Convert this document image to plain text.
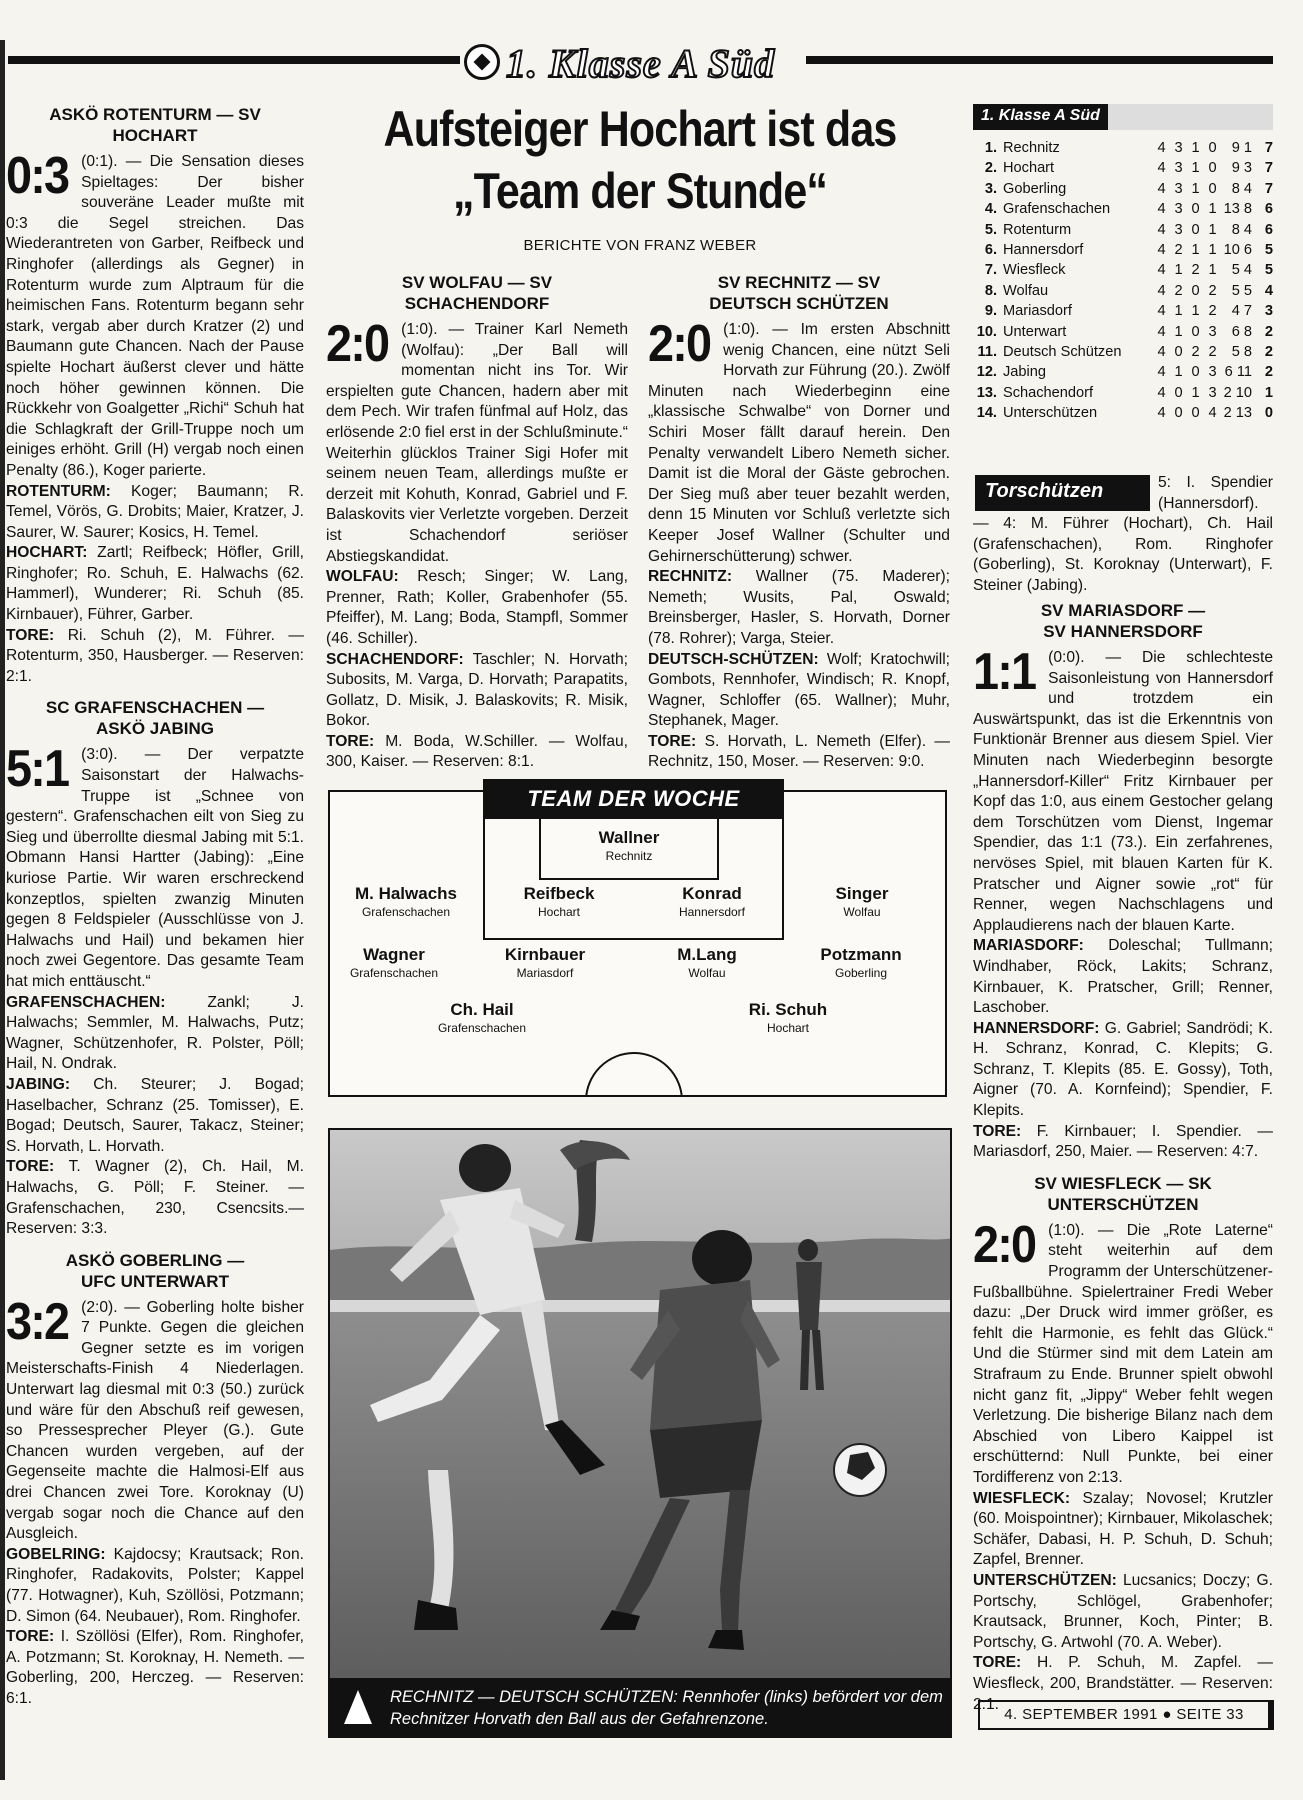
1. Klasse A Süd
ASKÖ ROTENTURM — SV HOCHART

0:3 (0:1). — Die Sensation dieses Spieltages: Der bisher souveräne Leader mußte mit 0:3 die Segel streichen. Das Wiederantreten von Garber, Reifbeck und Ringhofer (allerdings als Gegner) in Rotenturm wurde zum Alptraum für die heimischen Fans. Rotenturm begann sehr stark, vergab aber durch Kratzer (2) und Baumann gute Chancen. Nach der Pause spielte Hochart äußerst clever und hätte noch höher gewinnen können. Die Rückkehr von Goalgetter „Richi“ Schuh hat die Schlagkraft der Grill-Truppe noch um einiges erhöht. Grill (H) vergab noch einen Penalty (86.), Koger parierte.

ROTENTURM: Koger; Baumann; R. Temel, Vörös, G. Drobits; Maier, Kratzer, J. Saurer, W. Saurer; Kosics, H. Temel.

HOCHART: Zartl; Reifbeck; Höfler, Grill, Ringhofer; Ro. Schuh, E. Halwachs (62. Hammerl), Wunderer; Ri. Schuh (85. Kirnbauer), Führer, Garber.

TORE: Ri. Schuh (2), M. Führer. — Rotenturm, 350, Hausberger. — Reserven: 2:1.

SC GRAFENSCHACHEN — ASKÖ JABING

5:1 (3:0). — Der verpatzte Saisonstart der Halwachs-Truppe ist „Schnee von gestern“. Grafenschachen eilt von Sieg zu Sieg und überrollte diesmal Jabing mit 5:1. Obmann Hansi Hartter (Jabing): „Eine kuriose Partie. Wir waren erschreckend konzeptlos, spielten zwanzig Minuten gegen 8 Feldspieler (Ausschlüsse von J. Halwachs und Hail) und bekamen hier noch zwei Gegentore. Das gesamte Team hat mich enttäuscht.“

GRAFENSCHACHEN:	Zankl; J. Halwachs; Semmler, M. Halwachs, Putz; Wagner, Schützenhofer, R. Polster, Pöll; Hail, N. Ondrak.

JABING: Ch. Steurer; J. Bogad; Haselbacher, Schranz (25. Tomisser), E. Bogad; Deutsch, Saurer, Takacz, Steiner; S. Horvath, L. Horvath.

TORE: T. Wagner (2), Ch. Hail, M. Halwachs, G. Pöll; F. Steiner. — Grafenschachen, 230, Csencsits.— Reserven: 3:3.

ASKÖ GOBERLING — UFC UNTERWART

3:2 (2:0). — Goberling holte bisher 7 Punkte. Gegen die gleichen Gegner setzte es im vorigen Meisterschafts-Finish 4 Niederlagen. Unterwart lag diesmal mit 0:3 (50.) zurück und wäre für den Abschuß reif gewesen, so Pressesprecher Pleyer (G.). Gute Chancen wurden vergeben, auf der Gegenseite machte die Halmosi-Elf aus drei Chancen zwei Tore. Koroknay (U) vergab sogar noch die Chance auf den Ausgleich.

GOBELRING: Kajdocsy; Krautsack; Ron. Ringhofer, Radakovits, Polster; Kappel (77. Hotwagner), Kuh, Szöllösi, Potzmann; D. Simon (64. Neubauer), Rom. Ringhofer.

TORE: I. Szöllösi (Elfer), Rom. Ringhofer, A. Potzmann; St. Koroknay, H. Nemeth. — Goberling, 200, Herczeg. — Reserven: 6:1.

Aufsteiger Hochart ist das „Team der Stunde“
BERICHTE VON FRANZ WEBER
SV WOLFAU — SV SCHACHENDORF

2:0 (1:0). — Trainer Karl Nemeth (Wolfau): „Der Ball will momentan nicht ins Tor. Wir erspielten gute Chancen, hadern aber mit dem Pech. Wir trafen fünfmal auf Holz, das erlösende 2:0 fiel erst in der Schlußminute.“ Weiterhin glücklos Trainer Sigi Hofer mit seinem neuen Team, allerdings mußte er derzeit mit Kohuth, Konrad, Gabriel und F. Balaskovits vier Verletzte vorgeben. Derzeit ist Schachendorf seriöser Abstiegskandidat.

WOLFAU: Resch; Singer; W. Lang, Prenner, Rath; Koller, Grabenhofer (55. Pfeiffer), M. Lang; Boda, Stampfl, Sommer (46. Schiller).

SCHACHENDORF: Taschler; N. Horvath; Subosits, M. Varga, D. Horvath; Parapatits, Gollatz, D. Misik, J. Balaskovits; R. Misik, Bokor.

TORE: M. Boda, W.Schiller. — Wolfau, 300, Kaiser. — Reserven: 8:1.

SV RECHNITZ — SV DEUTSCH SCHÜTZEN

2:0 (1:0). — Im ersten Abschnitt wenig Chancen, eine nützt Seli Horvath zur Führung (20.). Zwölf Minuten nach Wiederbeginn eine „klassische Schwalbe“ von Dorner und Schiri Moser fällt darauf herein. Den Penalty verwandelt Libero Nemeth sicher. Damit ist die Moral der Gäste gebrochen. Der Sieg muß aber teuer bezahlt werden, denn 15 Minuten vor Schluß verletzte sich Keeper Josef Wallner (Schulter und Gehirnerschütterung) schwer.

RECHNITZ: Wallner (75. Maderer); Nemeth; Wusits, Pal, Oswald; Breinsberger, Hasler, S. Horvath, Dorner (78. Rohrer); Varga, Steier.

DEUTSCH-SCHÜTZEN: Wolf; Kratochwill; Gombots, Rennhofer, Windisch; R. Knopf, Wagner, Schloffer (65. Wallner); Muhr, Stephanek, Mager.

TORE: S. Horvath, L. Nemeth (Elfer). — Rechnitz, 150, Moser. — Reserven: 9:0.

1. Klasse A Süd
1. Rechnitz	4 3 1 0	9 1 7
2. Hochart	4 3 1 0	9 3 7
3. Goberling	4 3 1 0	8 4 7
4. Grafenschachen	4 3 0 1 13 8 6
5. Rotenturm	4 3 0 1	8 4 6
6. Hannersdorf	4 2 1 1 10 6 5
7. Wiesfleck	4 1 2 1	5 4 5
8. Wolfau	4 2 0 2	5 5 4
9. Mariasdorf	4 1 1 2	4 7 3
10. Unterwart	4 1 0 3	6 8 2
11. Deutsch Schützen	4 0 2 2	5 8 2
12. Jabing	4 1 0 3 6 11 2
13. Schachendorf	4 0 1 3 2 10 1
14. Unterschützen	4 0 0 4 2 13 0
Torschützen	5: I. Spendier (Hannersdorf). — 4: M. Führer (Hochart), Ch. Hail (Grafenschachen), Rom. Ringhofer (Goberling), St. Koroknay (Unterwart), F. Steiner (Jabing).
SV MARIASDORF — SV HANNERSDORF

1:1 (0:0). — Die schlechteste Saisonleistung von Hannersdorf und trotzdem ein Auswärtspunkt, das ist die Erkenntnis von Funktionär Brenner aus diesem Spiel. Vier Minuten nach Wiederbeginn besorgte „Hannersdorf-Killer“ Fritz Kirnbauer per Kopf das 1:0, aus einem Gestocher gelang dem Torschützen vom Dienst, Ingemar Spendier, das 1:1 (73.). Ein zerfahrenes, nervöses Spiel, mit blauen Karten für K. Pratscher und Aigner sowie „rot“ für Renner, wegen Nachschlagens und Applaudierens nach der blauen Karte.

MARIASDORF: Doleschal; Tullmann; Windhaber, Röck, Lakits; Schranz, Kirnbauer, K. Pratscher, Grill; Renner, Laschober.

HANNERSDORF: G. Gabriel; Sandrödi; K. H. Schranz, Konrad, C. Klepits; G. Schranz, T. Klepits (85. E. Gossy), Toth, Aigner (70. A. Kornfeind); Spendier, F. Klepits.

TORE: F. Kirnbauer; I. Spendier. — Mariasdorf, 250, Maier. — Reserven: 4:7.

SV WIESFLECK — SK UNTERSCHÜTZEN

2:0 (1:0). — Die „Rote Laterne“ steht weiterhin auf dem Programm der Unterschützener-Fußballbühne. Spielertrainer Fredi Weber dazu: „Der Druck wird immer größer, es fehlt die Harmonie, es fehlt das Glück.“ Und die Stürmer sind mit dem Latein am Strafraum zu Ende. Brunner spielt obwohl nicht ganz fit, „Jippy“ Weber fehlt wegen Verletzung. Die bisherige Bilanz nach dem Abschied von Libero Kaippel ist erschütternd: Null Punkte, bei einer Tordifferenz von 2:13.

WIESFLECK: Szalay; Novosel; Krutzler (60. Moispointner); Kirnbauer, Mikolaschek; Schäfer, Dabasi, H. P. Schuh, D. Schuh; Zapfel, Brenner.

UNTERSCHÜTZEN: Lucsanics; Doczy; G. Portschy, Schlögel, Grabenhofer; Krautsack, Brunner, Koch, Pinter; B. Portschy, G. Artwohl (70. A. Weber).

TORE: H. P. Schuh, M. Zapfel. — Wiesfleck, 200, Brandstätter. — Reserven: 2:1.

TEAM DER WOCHE
Wallner
Rechnitz
M. Halwachs
Grafenschachen
Reifbeck
Hochart
Konrad
Hannersdorf
Singer
Wolfau
Wagner
Grafenschachen
Kirnbauer
Mariasdorf
M.Lang
Wolfau
Potzmann
Goberling
Ch. Hail
Grafenschachen
Ri. Schuh
Hochart
RECHNITZ — DEUTSCH SCHÜTZEN: Rennhofer (links) befördert vor dem Rechnitzer Horvath den Ball aus der Gefahrenzone.	4. SEPTEMBER 1991 ● SEITE 33
